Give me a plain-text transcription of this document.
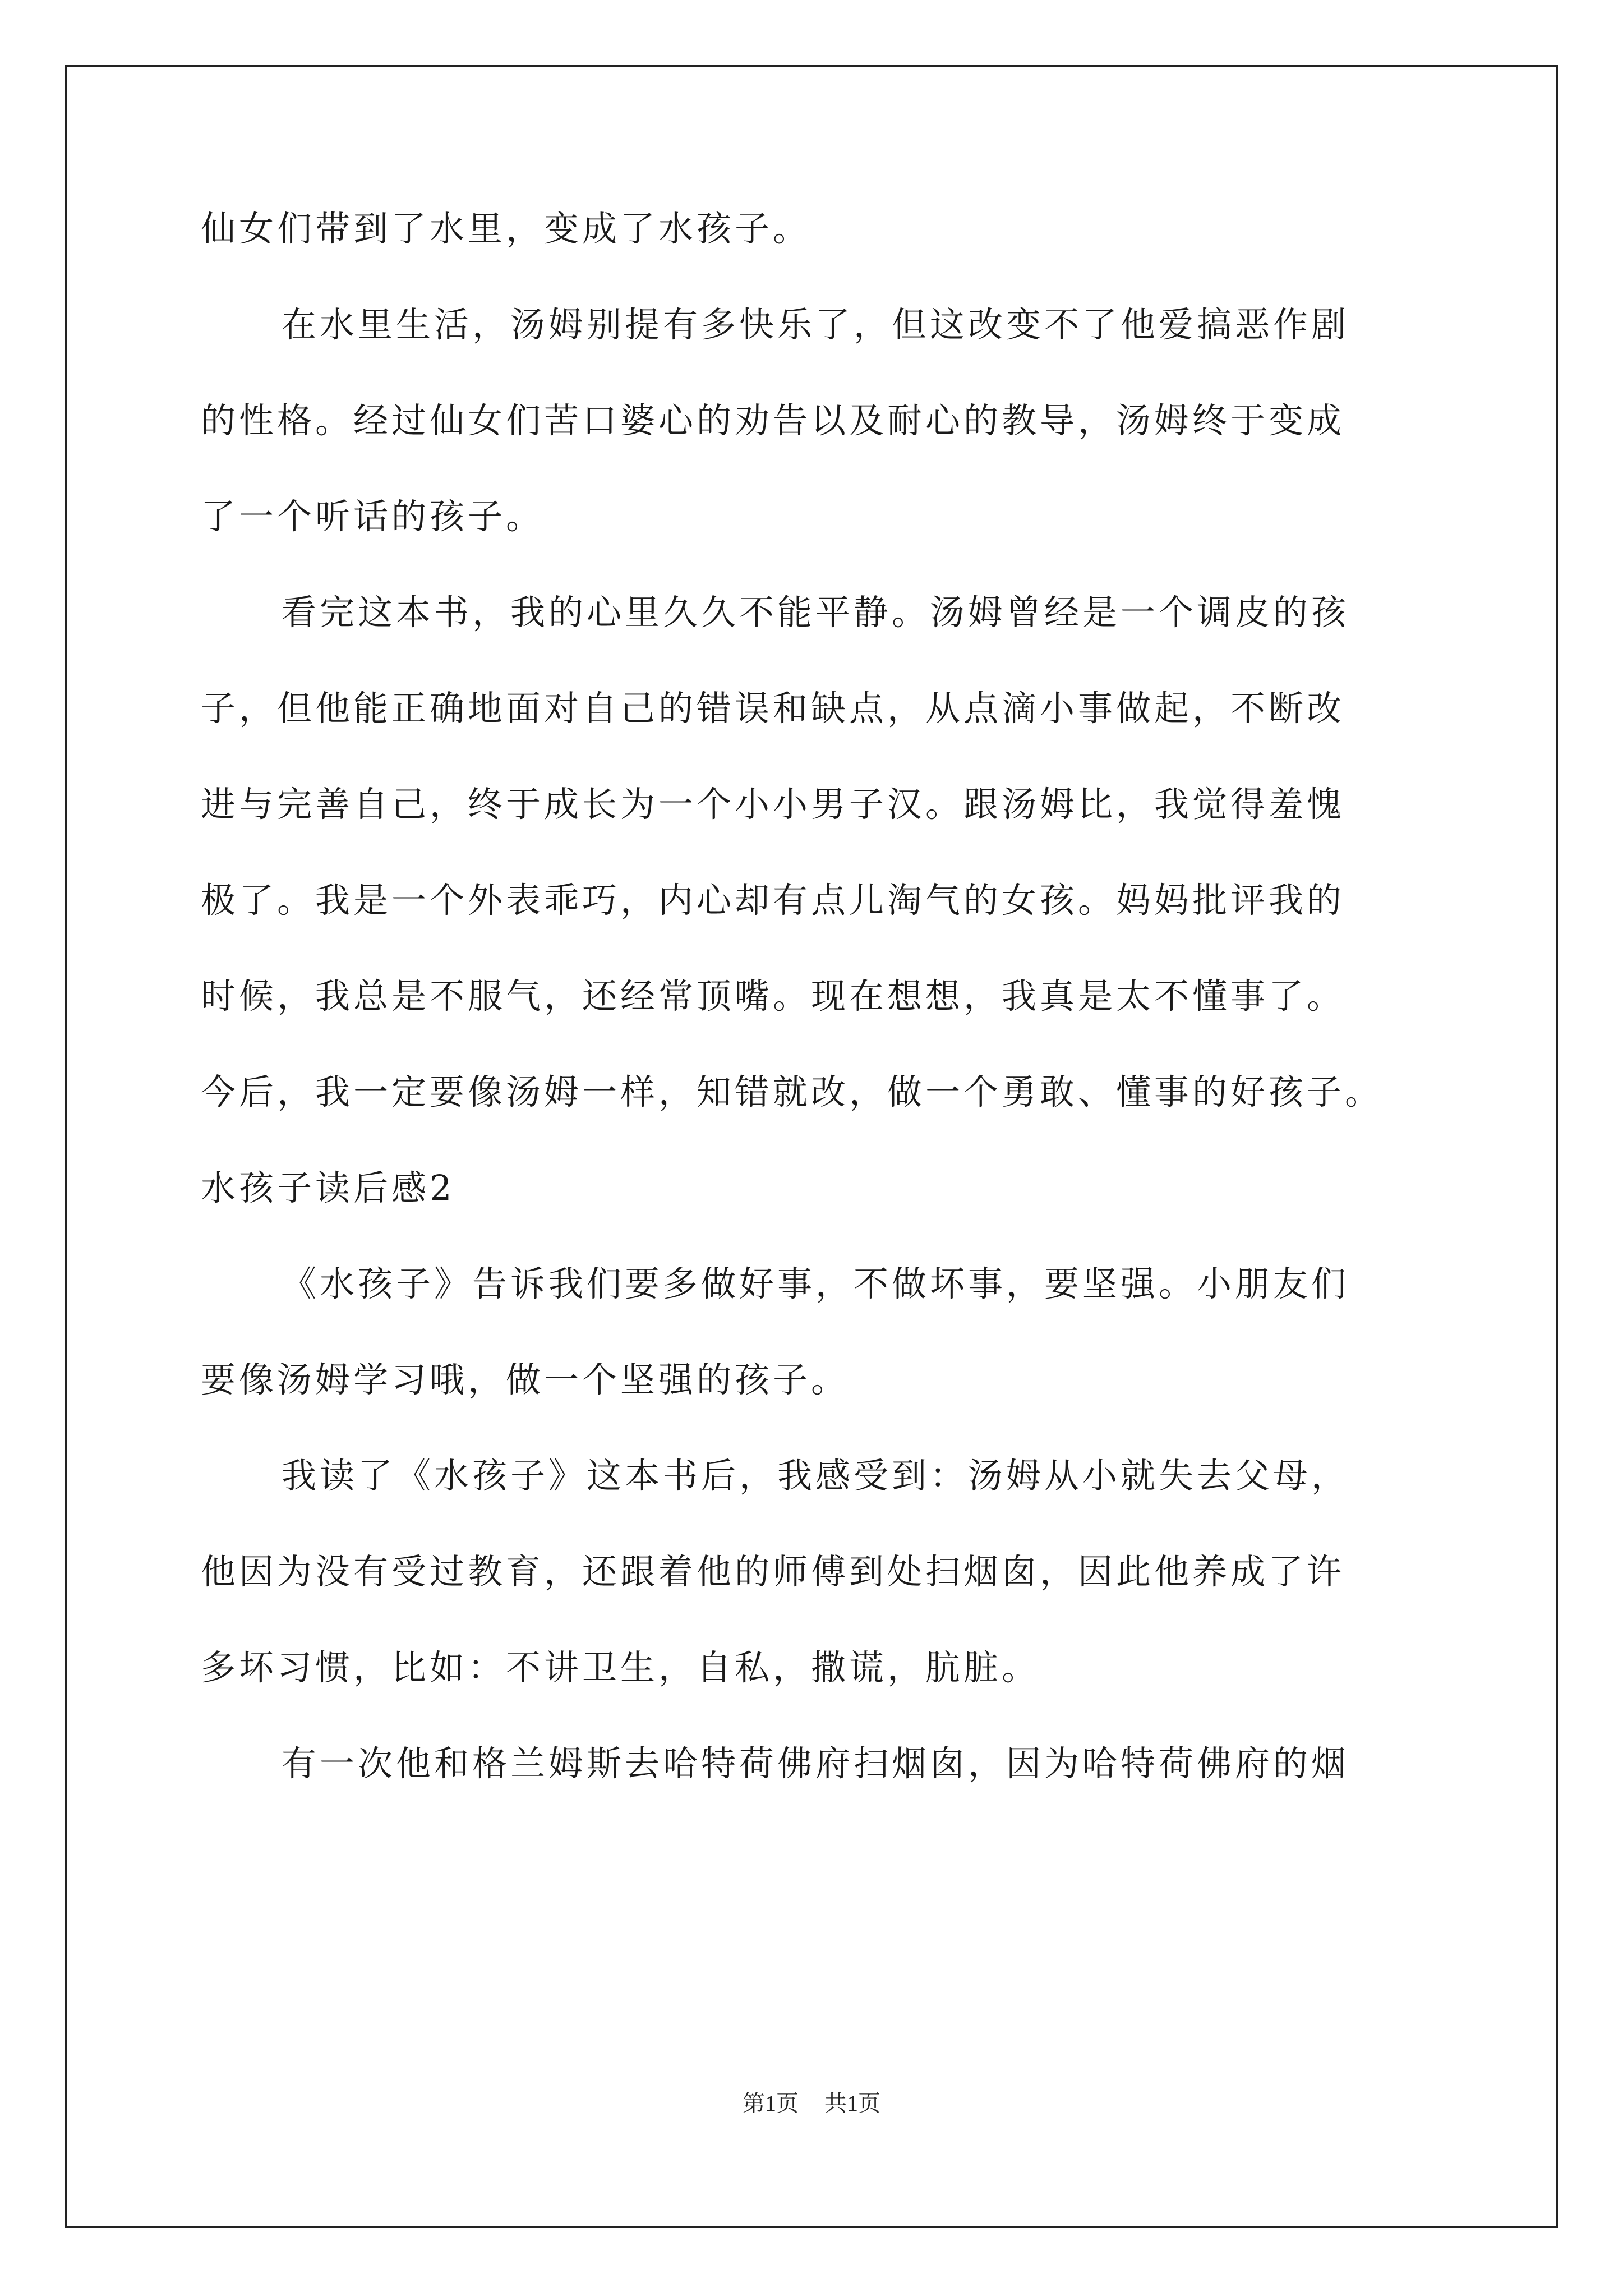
仙女们带到了水里，变成了水孩子。
在水里生活，汤姆别提有多快乐了，但这改变不了他爱搞恶作剧
的性格。经过仙女们苦口婆心的劝告以及耐心的教导，汤姆终于变成
了一个听话的孩子。
看完这本书，我的心里久久不能平静。汤姆曾经是一个调皮的孩
子，但他能正确地面对自己的错误和缺点，从点滴小事做起，不断改
进与完善自己，终于成长为一个小小男子汉。跟汤姆比，我觉得羞愧
极了。我是一个外表乖巧，内心却有点儿淘气的女孩。妈妈批评我的
时候，我总是不服气，还经常顶嘴。现在想想，我真是太不懂事了。
今后，我一定要像汤姆一样，知错就改，做一个勇敢、懂事的好孩子。
水孩子读后感2
《水孩子》告诉我们要多做好事，不做坏事，要坚强。小朋友们
要像汤姆学习哦，做一个坚强的孩子。
我读了《水孩子》这本书后，我感受到：汤姆从小就失去父母，
他因为没有受过教育，还跟着他的师傅到处扫烟囱，因此他养成了许
多坏习惯，比如：不讲卫生，自私，撒谎，肮脏。
有一次他和格兰姆斯去哈特荷佛府扫烟囱，因为哈特荷佛府的烟
第1页 共1页
